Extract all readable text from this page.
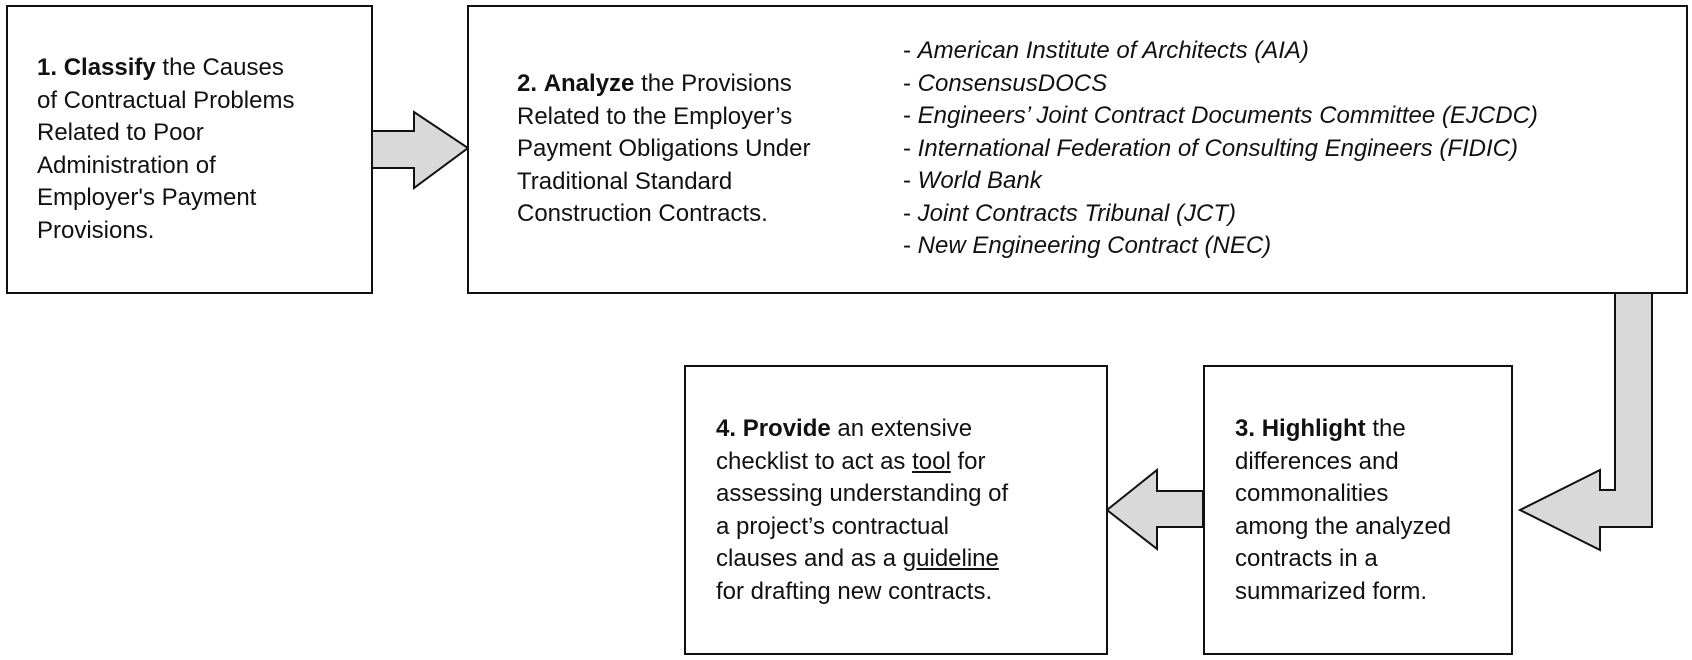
1. Classify the Causes
of Contractual Problems
Related to Poor
Administration of
Employer's Payment
Provisions.
2. Analyze the Provisions
Related to the Employer’s
Payment Obligations Under
Traditional Standard
Construction Contracts.
- American Institute of Architects (AIA)
- ConsensusDOCS
- Engineers’ Joint Contract Documents Committee (EJCDC)
- International Federation of Consulting Engineers (FIDIC)
- World Bank
- Joint Contracts Tribunal (JCT)
- New Engineering Contract (NEC)
4. Provide an extensive
checklist to act as tool for
assessing understanding of
a project’s contractual
clauses and as a guideline
for drafting new contracts.
3. Highlight the
differences and
commonalities
among the analyzed
contracts in a
summarized form.
